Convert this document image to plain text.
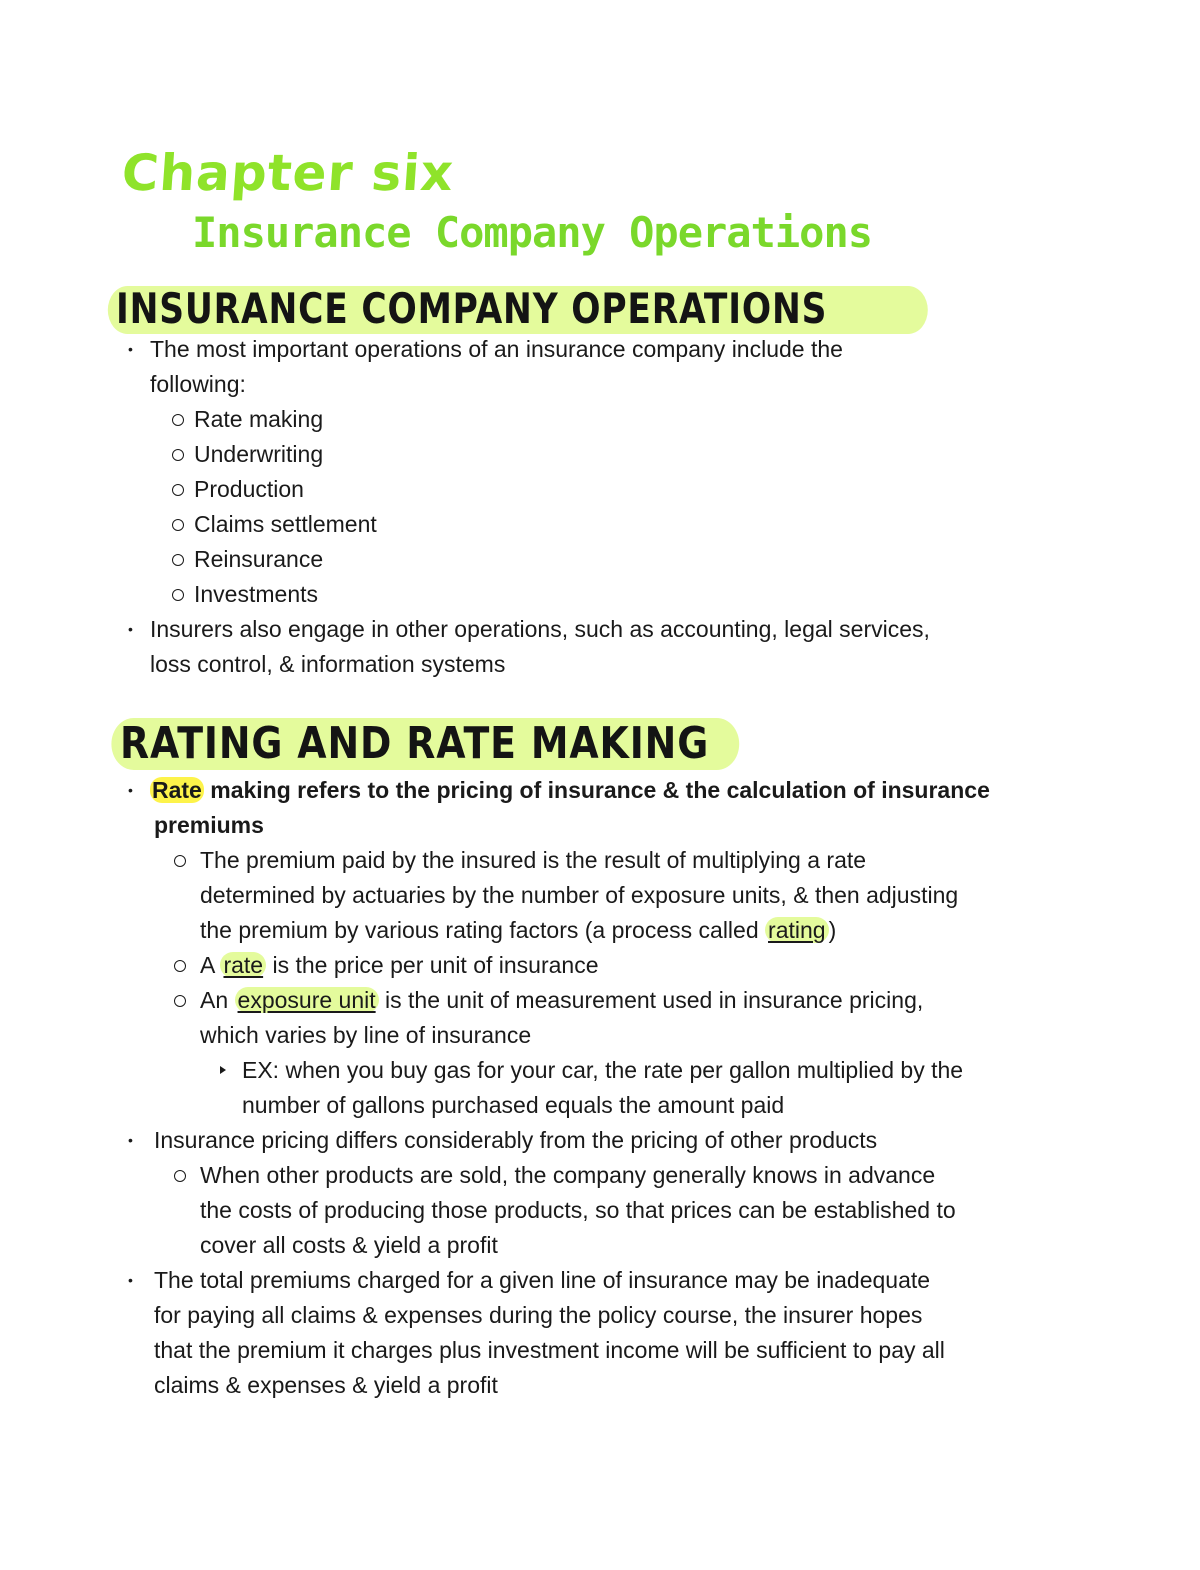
Chapter six
Insurance Company Operations
INSURANCE COMPANY OPERATIONS
• The most important operations of an insurance company include the

following:

Rate making

Underwriting

Production

Claims settlement

Reinsurance

Investments

• Insurers also engage in other operations, such as accounting, legal services,

loss control, & information systems

RATING AND RATE MAKING
• Rate making refers to the pricing of insurance & the calculation of insurance

premiums

The premium paid by the insured is the result of multiplying a rate

determined by actuaries by the number of exposure units, & then adjusting

the premium by various rating factors (a process called rating )

A rate is the price per unit of insurance

An exposure unit is the unit of measurement used in insurance pricing,

which varies by line of insurance

EX: when you buy gas for your car, the rate per gallon multiplied by the

number of gallons purchased equals the amount paid

• Insurance pricing differs considerably from the pricing of other products

When other products are sold, the company generally knows in advance

the costs of producing those products, so that prices can be established to

cover all costs & yield a profit

• The total premiums charged for a given line of insurance may be inadequate

for paying all claims & expenses during the policy course, the insurer hopes

that the premium it charges plus investment income will be sufficient to pay all

claims & expenses & yield a profit
